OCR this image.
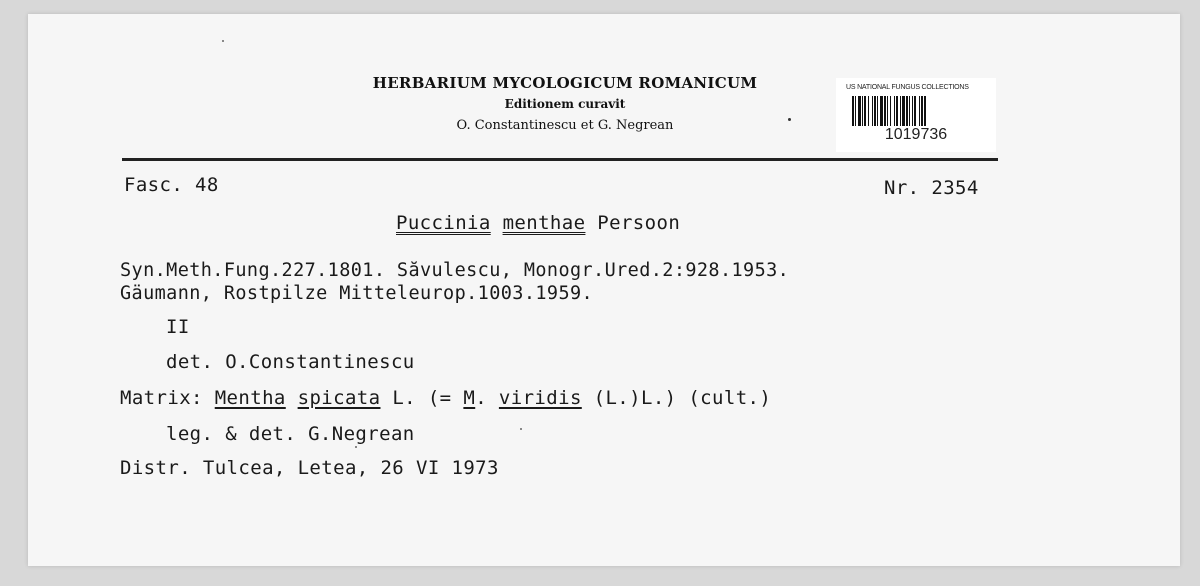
HERBARIUM MYCOLOGICUM ROMANICUM
Editionem curavit
O. Constantinescu et G. Negrean
US NATIONAL FUNGUS COLLECTIONS
1019736
Fasc. 48	Nr. 2354
Puccinia menthae Persoon
Syn.Meth.Fung.227.1801. Săvulescu, Monogr.Ured.2:928.1953.
Gäumann, Rostpilze Mitteleurop.1003.1959.
II
det. O.Constantinescu
Matrix: Mentha spicata L. (= M. viridis (L.)L.) (cult.)
leg. & det. G.Negrean
Distr. Tulcea, Letea, 26 VI 1973
